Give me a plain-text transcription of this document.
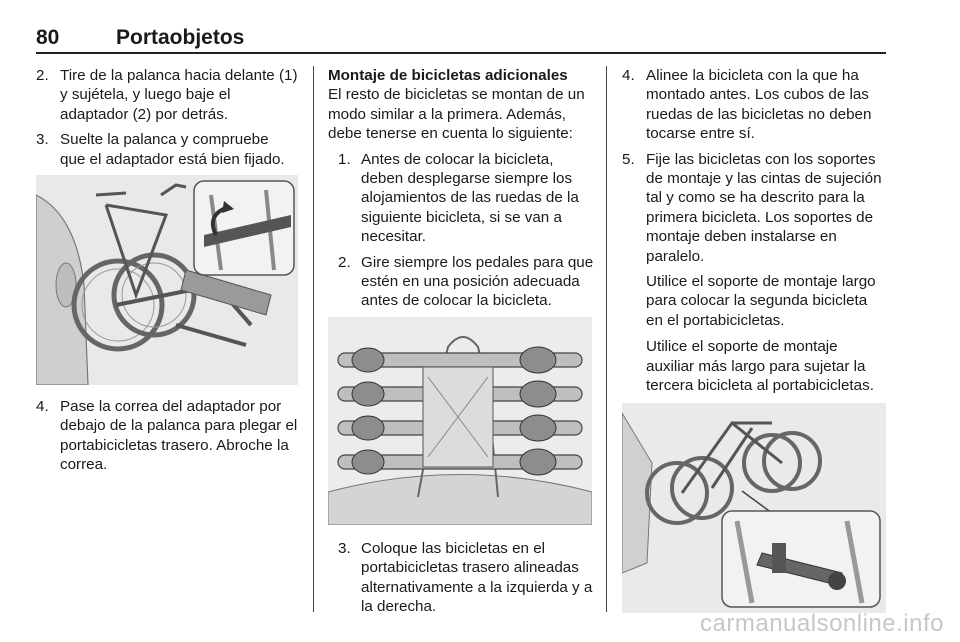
80	Portaobjetos
2. Tire de la palanca hacia delante (1) y sujétela, y luego baje el adaptador (2) por detrás.
3. Suelte la palanca y compruebe que el adaptador está bien fijado.
4. Pase la correa del adaptador por debajo de la palanca para plegar el portabicicletas trasero. Abroche la correa.

Montaje de bicicletas adicionales

El resto de bicicletas se montan de un modo similar a la primera. Además, debe tenerse en cuenta lo siguiente:

1. Antes de colocar la bicicleta, deben desplegarse siempre los alojamientos de las ruedas de la siguiente bicicleta, si se van a necesitar.
2. Gire siempre los pedales para que estén en una posición adecuada antes de colocar la bicicleta.
3. Coloque las bicicletas en el portabicicletas trasero alineadas alternativamente a la izquierda y a la derecha.
4. Alinee la bicicleta con la que ha montado antes. Los cubos de las ruedas de las bicicletas no deben tocarse entre sí.
5. Fije las bicicletas con los soportes de montaje y las cintas de sujeción tal y como se ha descrito para la primera bicicleta. Los soportes de montaje deben instalarse en paralelo.

Utilice el soporte de montaje largo para colocar la segunda bicicleta en el portabicicletas.

Utilice el soporte de montaje auxiliar más largo para sujetar la tercera bicicleta al portabicicletas.

carmanualsonline.info
